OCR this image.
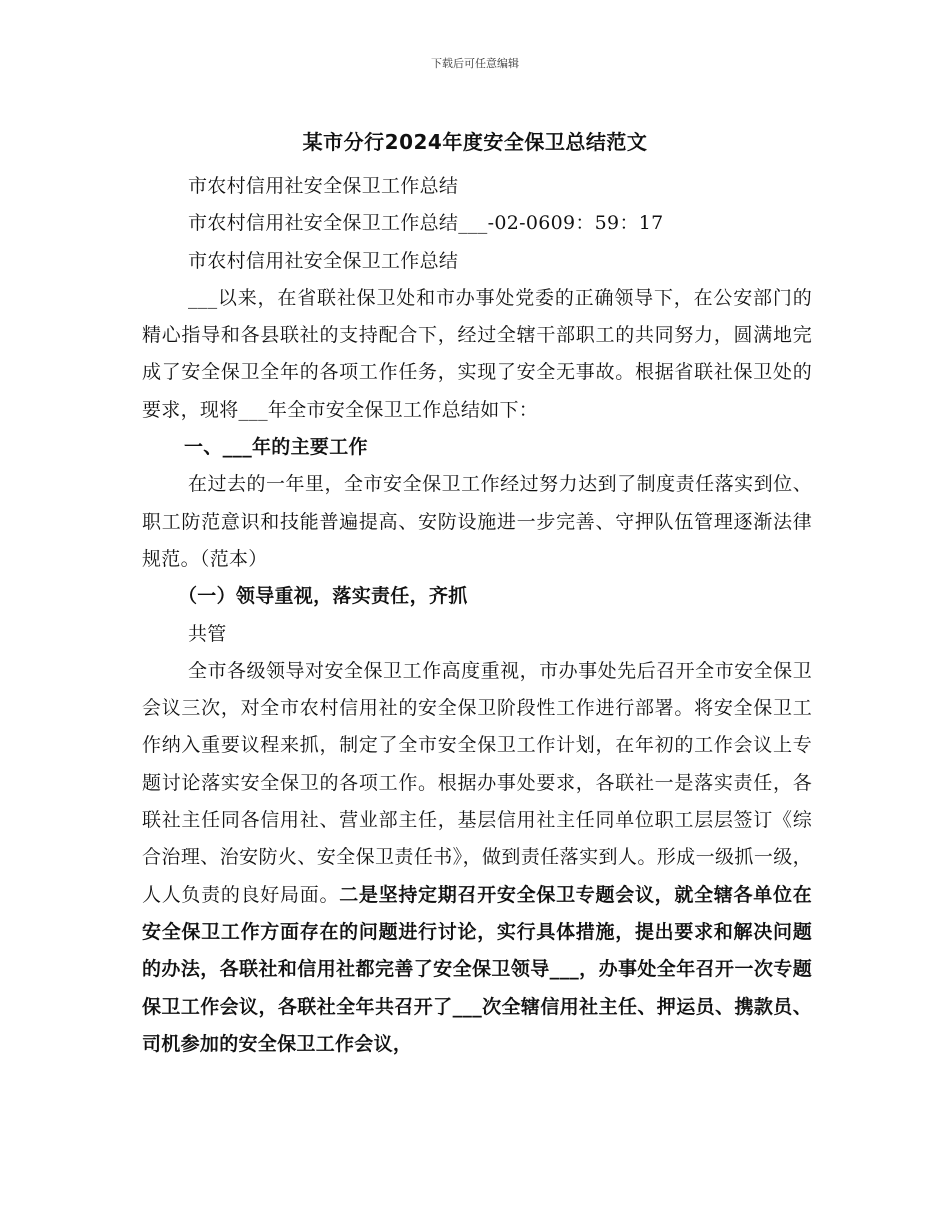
下载后可任意编辑
某市分行2024年度安全保卫总结范文

市农村信用社安全保卫工作总结

市农村信用社安全保卫工作总结___-02-0609：59：17

市农村信用社安全保卫工作总结

___以来，在省联社保卫处和市办事处党委的正确领导下，在公安部门的精心指导和各县联社的支持配合下，经过全辖干部职工的共同努力，圆满地完成了安全保卫全年的各项工作任务，实现了安全无事故。根据省联社保卫处的要求，现将___年全市安全保卫工作总结如下：

一、___年的主要工作

在过去的一年里，全市安全保卫工作经过努力达到了制度责任落实到位、职工防范意识和技能普遍提高、安防设施进一步完善、守押队伍管理逐渐法律规范。（范本）

（一）领导重视，落实责任，齐抓

共管

全市各级领导对安全保卫工作高度重视，市办事处先后召开全市安全保卫会议三次，对全市农村信用社的安全保卫阶段性工作进行部署。将安全保卫工作纳入重要议程来抓，制定了全市安全保卫工作计划，在年初的工作会议上专题讨论落实安全保卫的各项工作。根据办事处要求，各联社一是落实责任，各联社主任同各信用社、营业部主任，基层信用社主任同单位职工层层签订《综合治理、治安防火、安全保卫责任书》，做到责任落实到人。形成一级抓一级，人人负责的良好局面。二是坚持定期召开安全保卫专题会议，就全辖各单位在安全保卫工作方面存在的问题进行讨论，实行具体措施，提出要求和解决问题的办法，各联社和信用社都完善了安全保卫领导___，办事处全年召开一次专题保卫工作会议，各联社全年共召开了___次全辖信用社主任、押运员、携款员、司机参加的安全保卫工作会议，
